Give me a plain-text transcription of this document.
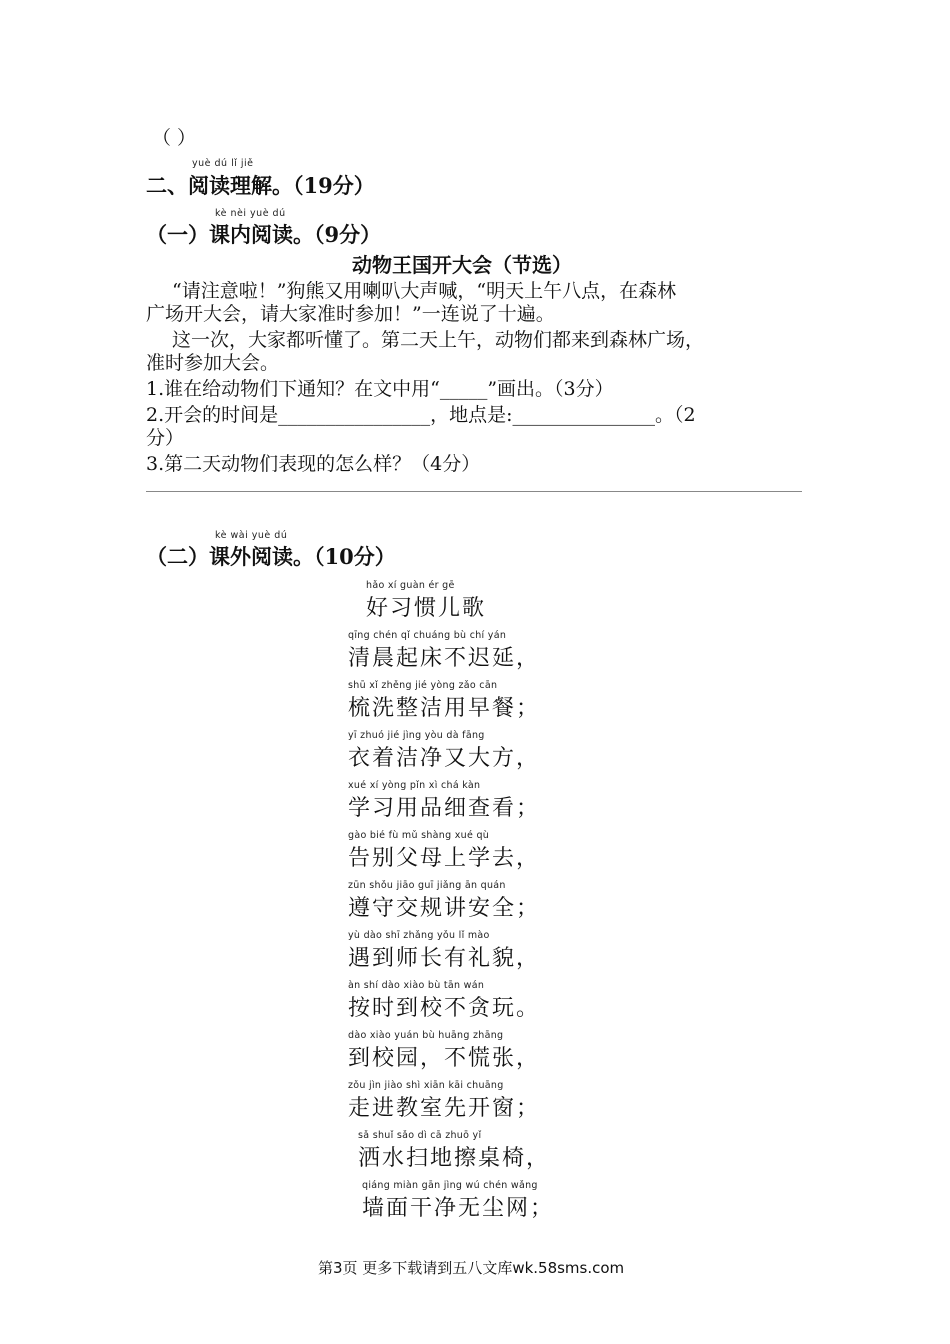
（ ）
yuè dú lǐ jiě
二、阅读理解。（19分）
kè nèi yuè dú
（一）课内阅读。（9分）
动物王国开大会（节选）
“请注意啦！”狗熊又用喇叭大声喊，“明天上午八点，在森林
广场开大会，请大家准时参加！”一连说了十遍。
这一次，大家都听懂了。第二天上午，动物们都来到森林广场，
准时参加大会。
1.谁在给动物们下通知？在文中用“_____”画出。（3分）
2.开会的时间是________________，地点是:_______________。（2
分）
3.第二天动物们表现的怎么样？（4分）
kè wài yuè dú
（二）课外阅读。（10分）
hǎo xí guàn ér gē
好习惯儿歌
qīng chén qǐ chuáng bù chí yán
清晨起床不迟延，
shū xǐ zhěng jié yòng zǎo cān
梳洗整洁用早餐；
yī zhuó jié jìng yòu dà fāng
衣着洁净又大方，
xué xí yòng pǐn xì chá kàn
学习用品细查看；
gào bié fù mǔ shàng xué qù
告别父母上学去，
zūn shǒu jiāo guī jiǎng ān quán
遵守交规讲安全；
yù dào shī zhǎng yǒu lǐ mào
遇到师长有礼貌，
àn shí dào xiào bù tān wán
按时到校不贪玩。
dào xiào yuán bù huāng zhāng
到校园，不慌张，
zǒu jìn jiào shì xiān kāi chuāng
走进教室先开窗；
sǎ shuǐ sǎo dì cā zhuō yǐ
洒水扫地擦桌椅，
qiáng miàn gān jìng wú chén wǎng
墙面干净无尘网；
第3页 更多下载请到五八文库wk.58sms.com
